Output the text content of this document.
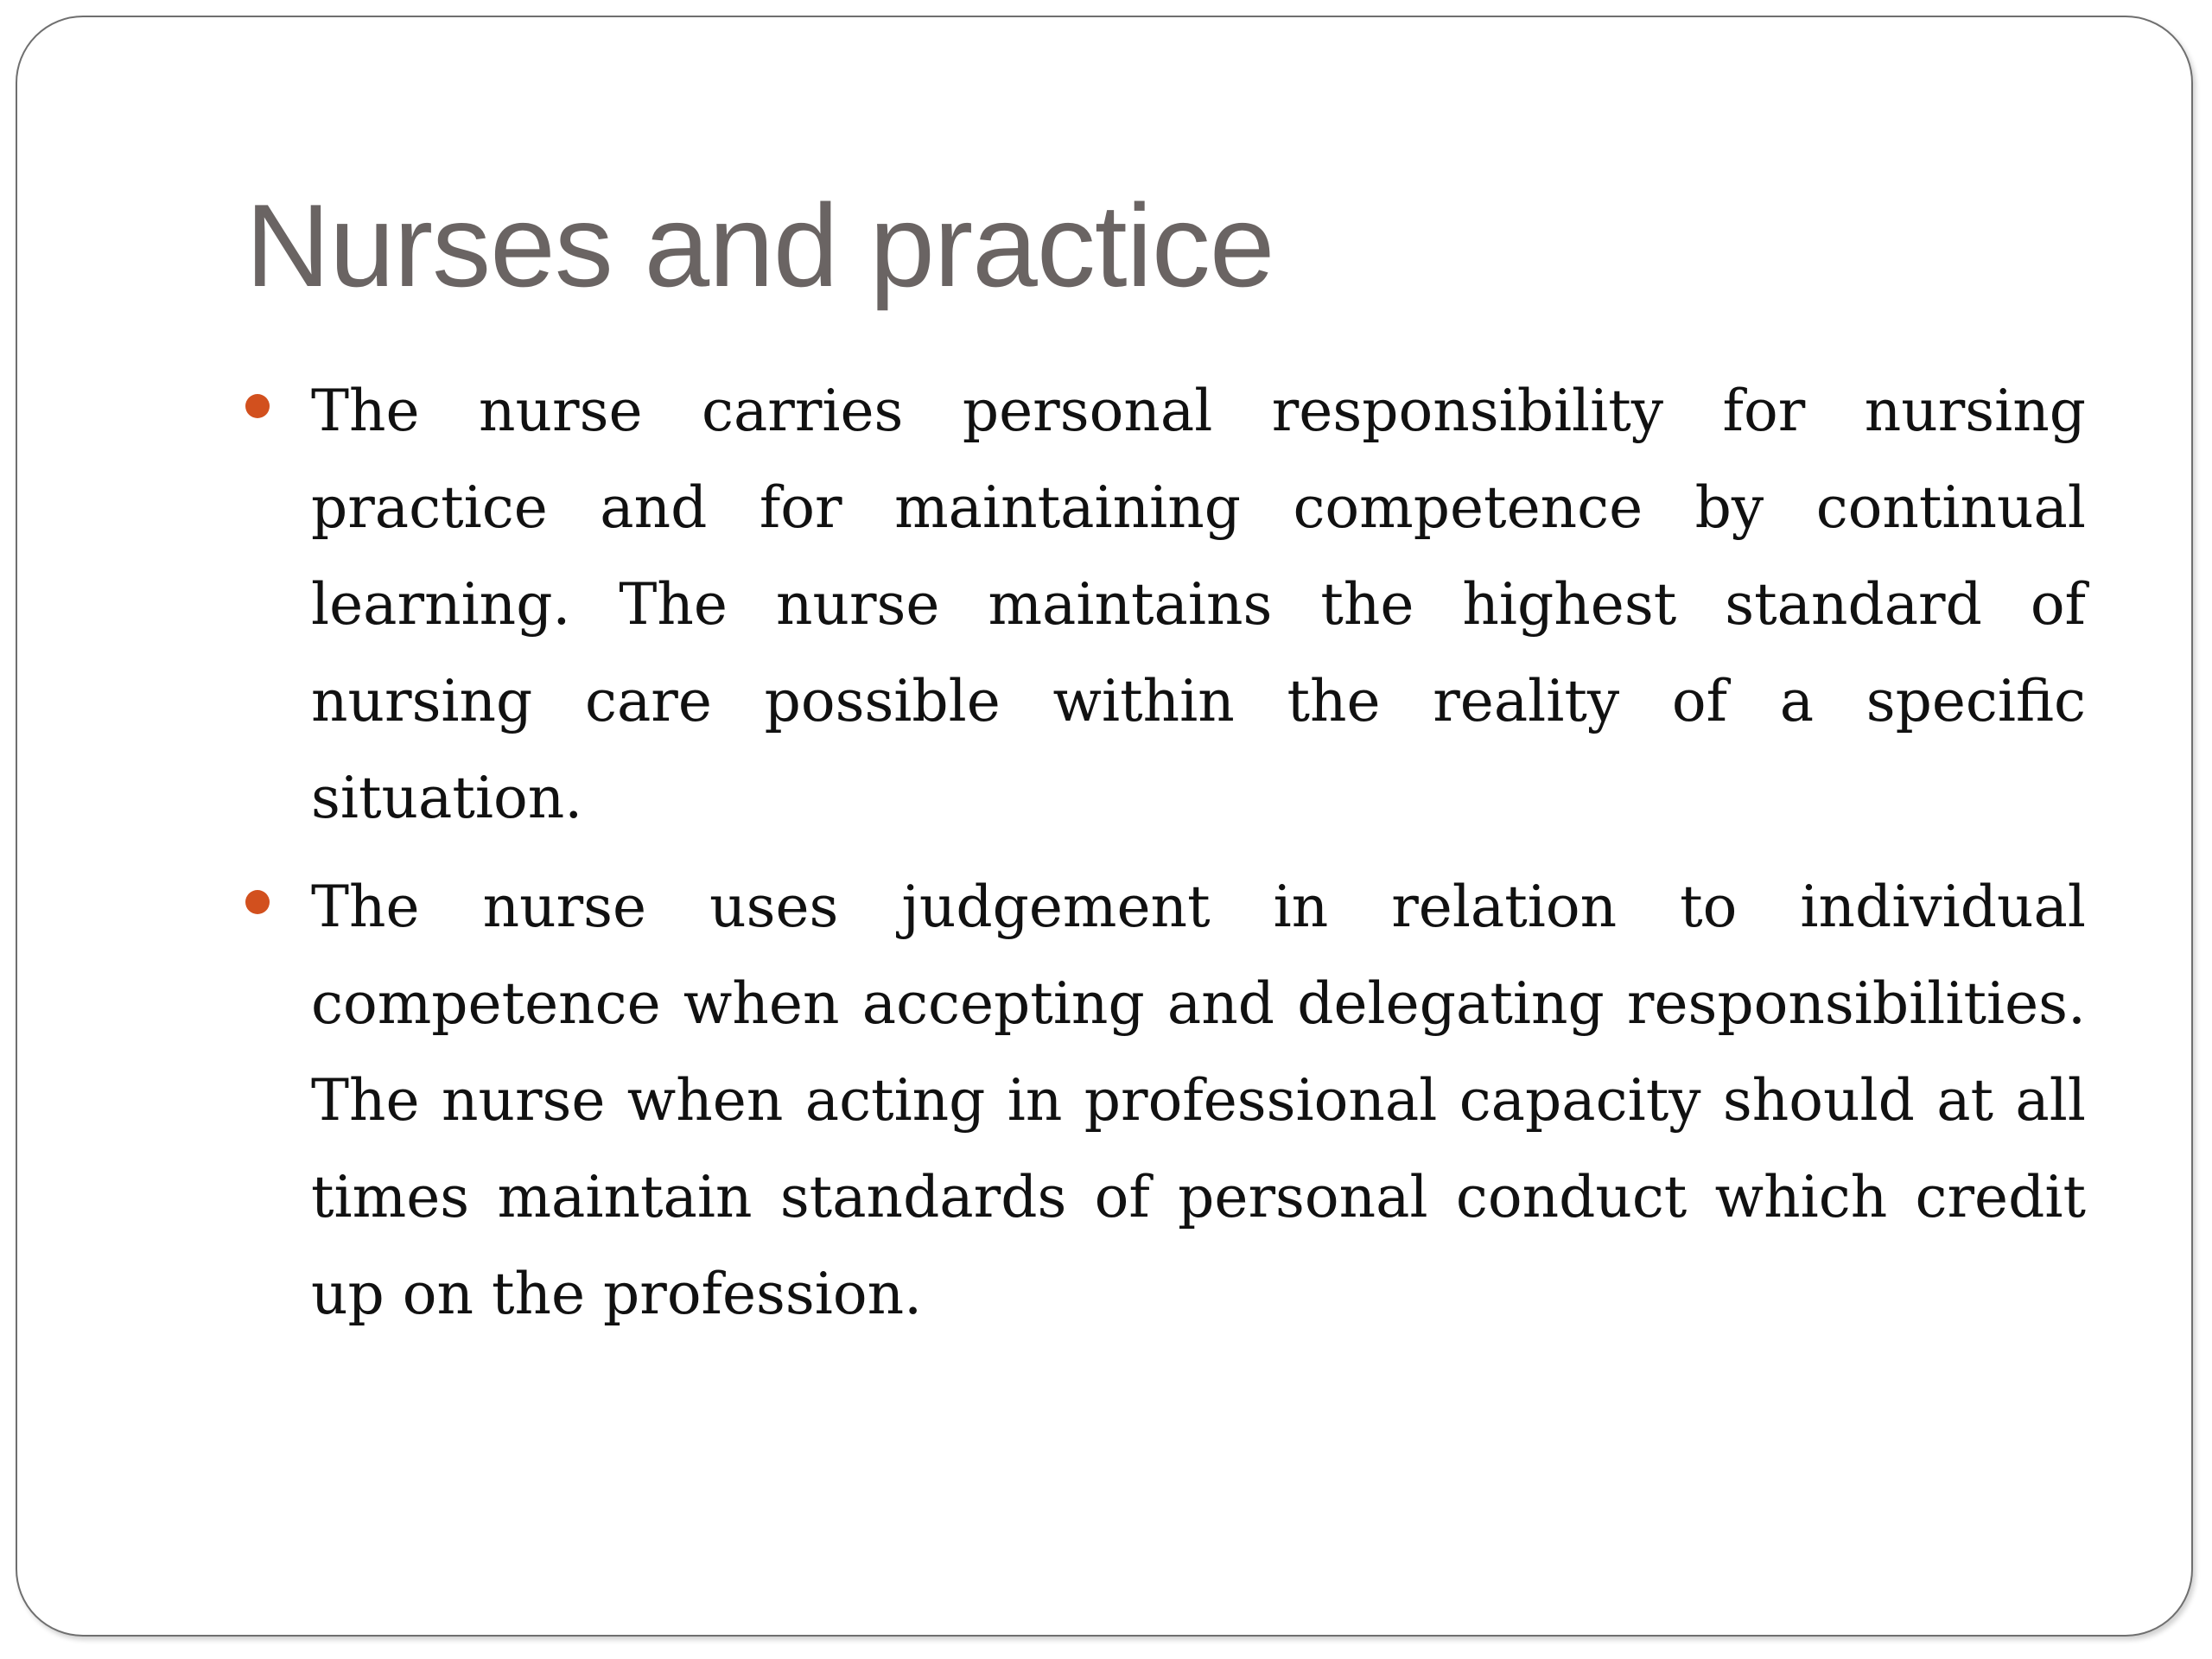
Nurses and practice
The nurse carries personal responsibility for nursing practice and for maintaining competence by continual learning. The nurse maintains the highest standard of nursing care possible within the reality of a specific situation.
The nurse uses judgement in relation to individual competence when accepting and delegating responsibilities. The nurse when acting in professional capacity should at all times maintain standards of personal conduct which credit up on the profession.
